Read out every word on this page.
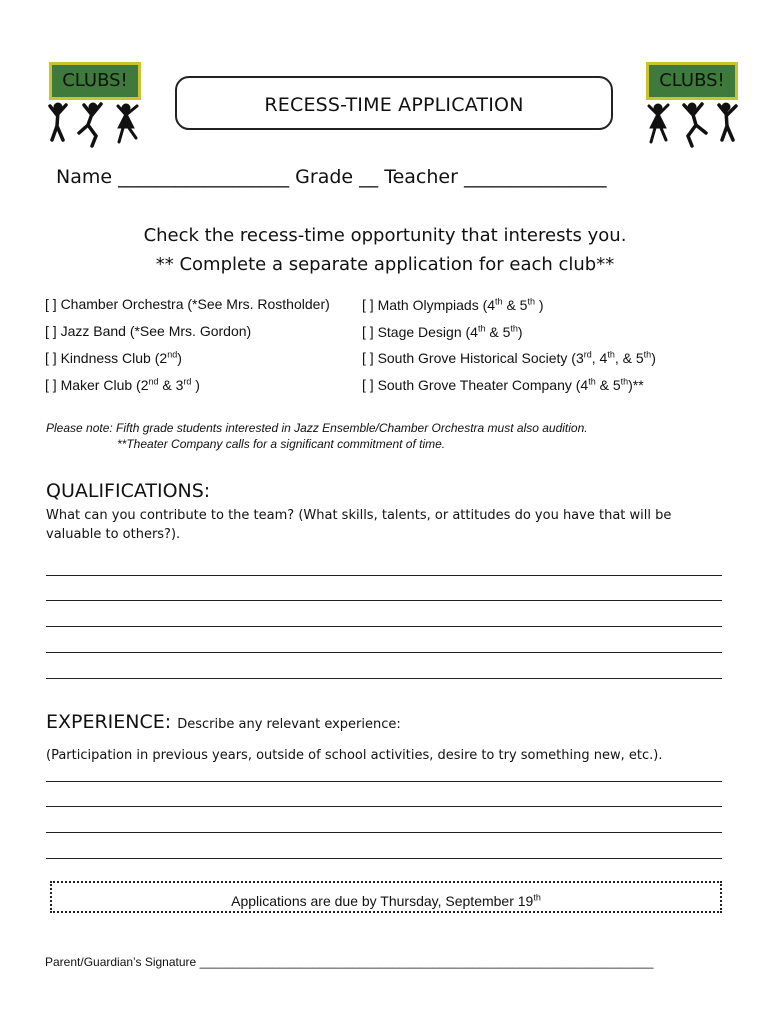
CLUBS!	CLUBS!
RECESS-TIME APPLICATION
Name __________________ Grade __ Teacher _______________
Check the recess-time opportunity that interests you.
** Complete a separate application for each club**
[ ] Chamber Orchestra (*See Mrs. Rostholder)
[ ] Jazz Band (*See Mrs. Gordon)
[ ] Kindness Club (2nd)
[ ] Maker Club (2nd & 3rd )
[ ] Math Olympiads (4th & 5th )
[ ] Stage Design (4th & 5th)
[ ] South Grove Historical Society (3rd, 4th, & 5th)
[ ] South Grove Theater Company (4th & 5th)**
Please note: Fifth grade students interested in Jazz Ensemble/Chamber Orchestra must also audition.
**Theater Company calls for a significant commitment of time.
QUALIFICATIONS:
What can you contribute to the team? (What skills, talents, or attitudes do you have that will be
valuable to others?).
EXPERIENCE: Describe any relevant experience:
(Participation in previous years, outside of school activities, desire to try something new, etc.).
Applications are due by Thursday, September 19th
Parent/Guardian’s Signature ____________________________________________________________________
